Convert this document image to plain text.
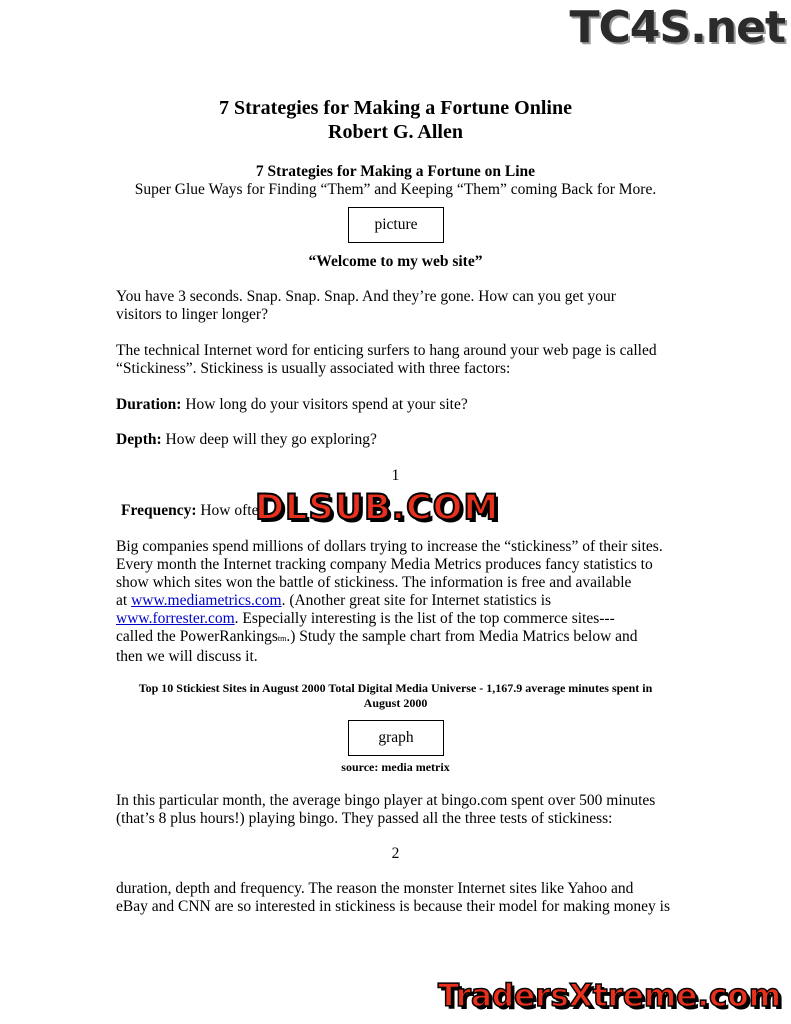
TC4S.net
7 Strategies for Making a Fortune Online
Robert G. Allen
7 Strategies for Making a Fortune on Line
Super Glue Ways for Finding “Them” and Keeping “Them” coming Back for More.
picture
“Welcome to my web site”
You have 3 seconds. Snap. Snap. Snap. And they’re gone. How can you get your
visitors to linger longer?
The technical Internet word for enticing surfers to hang around your web page is called
“Stickiness”. Stickiness is usually associated with three factors:
Duration: How long do your visitors spend at your site?
Depth: How deep will they go exploring?
1
Frequency: How ofte
DLSUB.COM
Big companies spend millions of dollars trying to increase the “stickiness” of their sites.
Every month the Internet tracking company Media Metrics produces fancy statistics to
show which sites won the battle of stickiness. The information is free and available
at www.mediametrics.com. (Another great site for Internet statistics is
www.forrester.com. Especially interesting is the list of the top commerce sites---
called the PowerRankingstm.) Study the sample chart from Media Matrics below and
then we will discuss it.
Top 10 Stickiest Sites in August 2000 Total Digital Media Universe - 1,167.9 average minutes spent in
August 2000
graph
source: media metrix
In this particular month, the average bingo player at bingo.com spent over 500 minutes
(that’s 8 plus hours!) playing bingo. They passed all the three tests of stickiness:
2
duration, depth and frequency. The reason the monster Internet sites like Yahoo and
eBay and CNN are so interested in stickiness is because their model for making money is
TradersXtreme.com
